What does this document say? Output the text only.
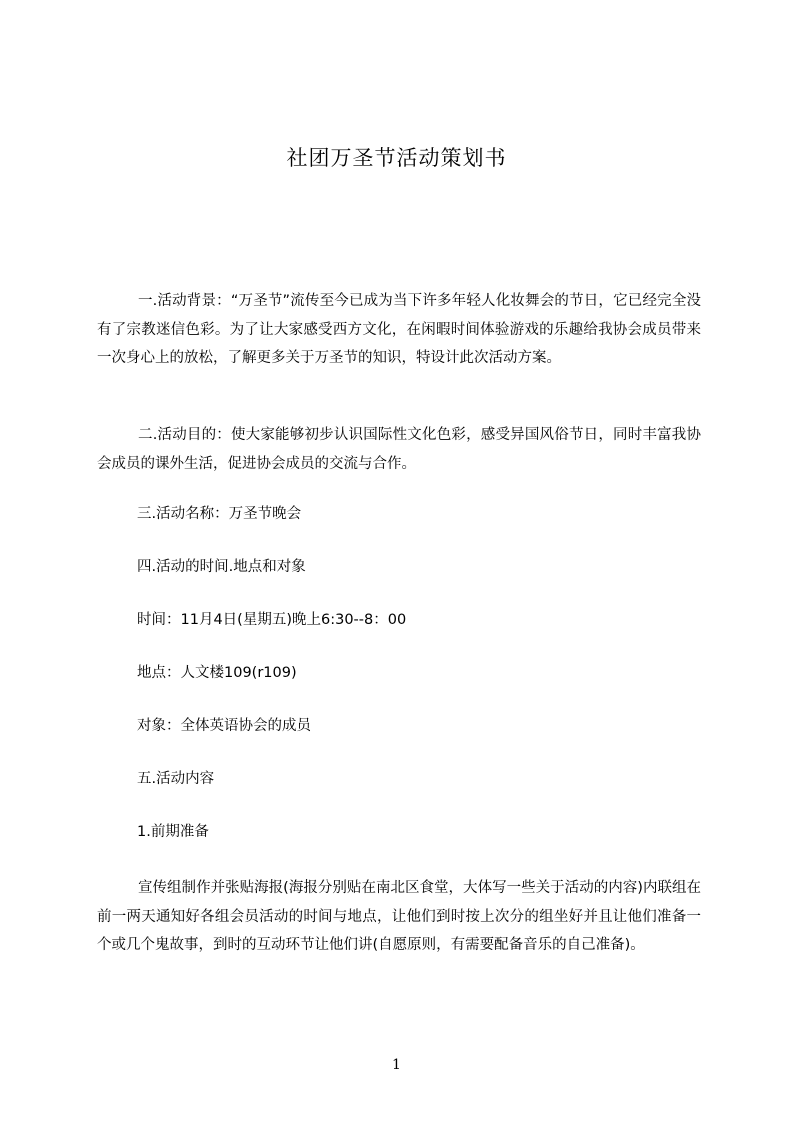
社团万圣节活动策划书

一.活动背景：“万圣节”流传至今已成为当下许多年轻人化妆舞会的节日，它已经完全没有了宗教迷信色彩。为了让大家感受西方文化，在闲暇时间体验游戏的乐趣给我协会成员带来一次身心上的放松，了解更多关于万圣节的知识，特设计此次活动方案。

二.活动目的：使大家能够初步认识国际性文化色彩，感受异国风俗节日，同时丰富我协会成员的课外生活，促进协会成员的交流与合作。

三.活动名称：万圣节晚会
四.活动的时间.地点和对象
时间：11月4日(星期五)晚上6:30--8：00
地点：人文楼109(r109)
对象：全体英语协会的成员
五.活动内容
1.前期准备

宣传组制作并张贴海报(海报分别贴在南北区食堂，大体写一些关于活动的内容)内联组在前一两天通知好各组会员活动的时间与地点，让他们到时按上次分的组坐好并且让他们准备一个或几个鬼故事，到时的互动环节让他们讲(自愿原则，有需要配备音乐的自己准备)。

1
